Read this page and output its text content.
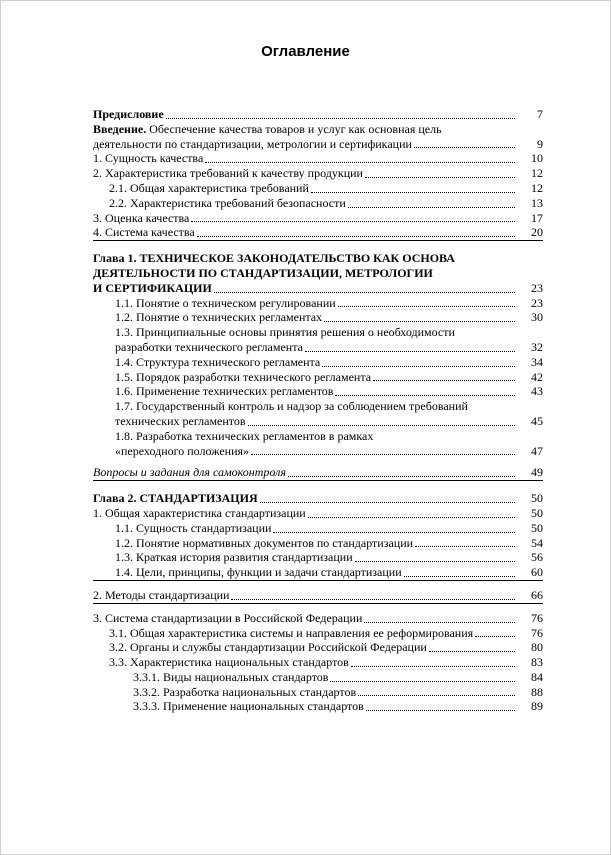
Оглавление
Предисловие	7
Введение. Обеспечение качества товаров и услуг как основная цель
деятельности по стандартизации, метрологии и сертификации	9
1. Сущность качества	10
2. Характеристика требований к качеству продукции	12
2.1. Общая характеристика требований	12
2.2. Характеристика требований безопасности	13
3. Оценка качества	17
4. Система качества	20
Глава 1. ТЕХНИЧЕСКОЕ ЗАКОНОДАТЕЛЬСТВО КАК ОСНОВА
ДЕЯТЕЛЬНОСТИ ПО СТАНДАРТИЗАЦИИ, МЕТРОЛОГИИ
И СЕРТИФИКАЦИИ	23
1.1. Понятие о техническом регулировании	23
1.2. Понятие о технических регламентах	30
1.3. Принципиальные основы принятия решения о необходимости
разработки технического регламента	32
1.4. Структура технического регламента	34
1.5. Порядок разработки технического регламента	42
1.6. Применение технических регламентов	43
1.7. Государственный контроль и надзор за соблюдением требований
технических регламентов	45
1.8. Разработка технических регламентов в рамках
«переходного положения»	47
Вопросы и задания для самоконтроля	49
Глава 2. СТАНДАРТИЗАЦИЯ	50
1. Общая характеристика стандартизации	50
1.1. Сущность стандартизации	50
1.2. Понятие нормативных документов по стандартизации	54
1.3. Краткая история развития стандартизации	56
1.4. Цели, принципы, функции и задачи стандартизации	60
2. Методы стандартизации	66
3. Система стандартизации в Российской Федерации	76
3.1. Общая характеристика системы и направления ее реформирования	76
3.2. Органы и службы стандартизации Российской Федерации	80
3.3. Характеристика национальных стандартов	83
3.3.1. Виды национальных стандартов	84
3.3.2. Разработка национальных стандартов	88
3.3.3. Применение национальных стандартов	89
